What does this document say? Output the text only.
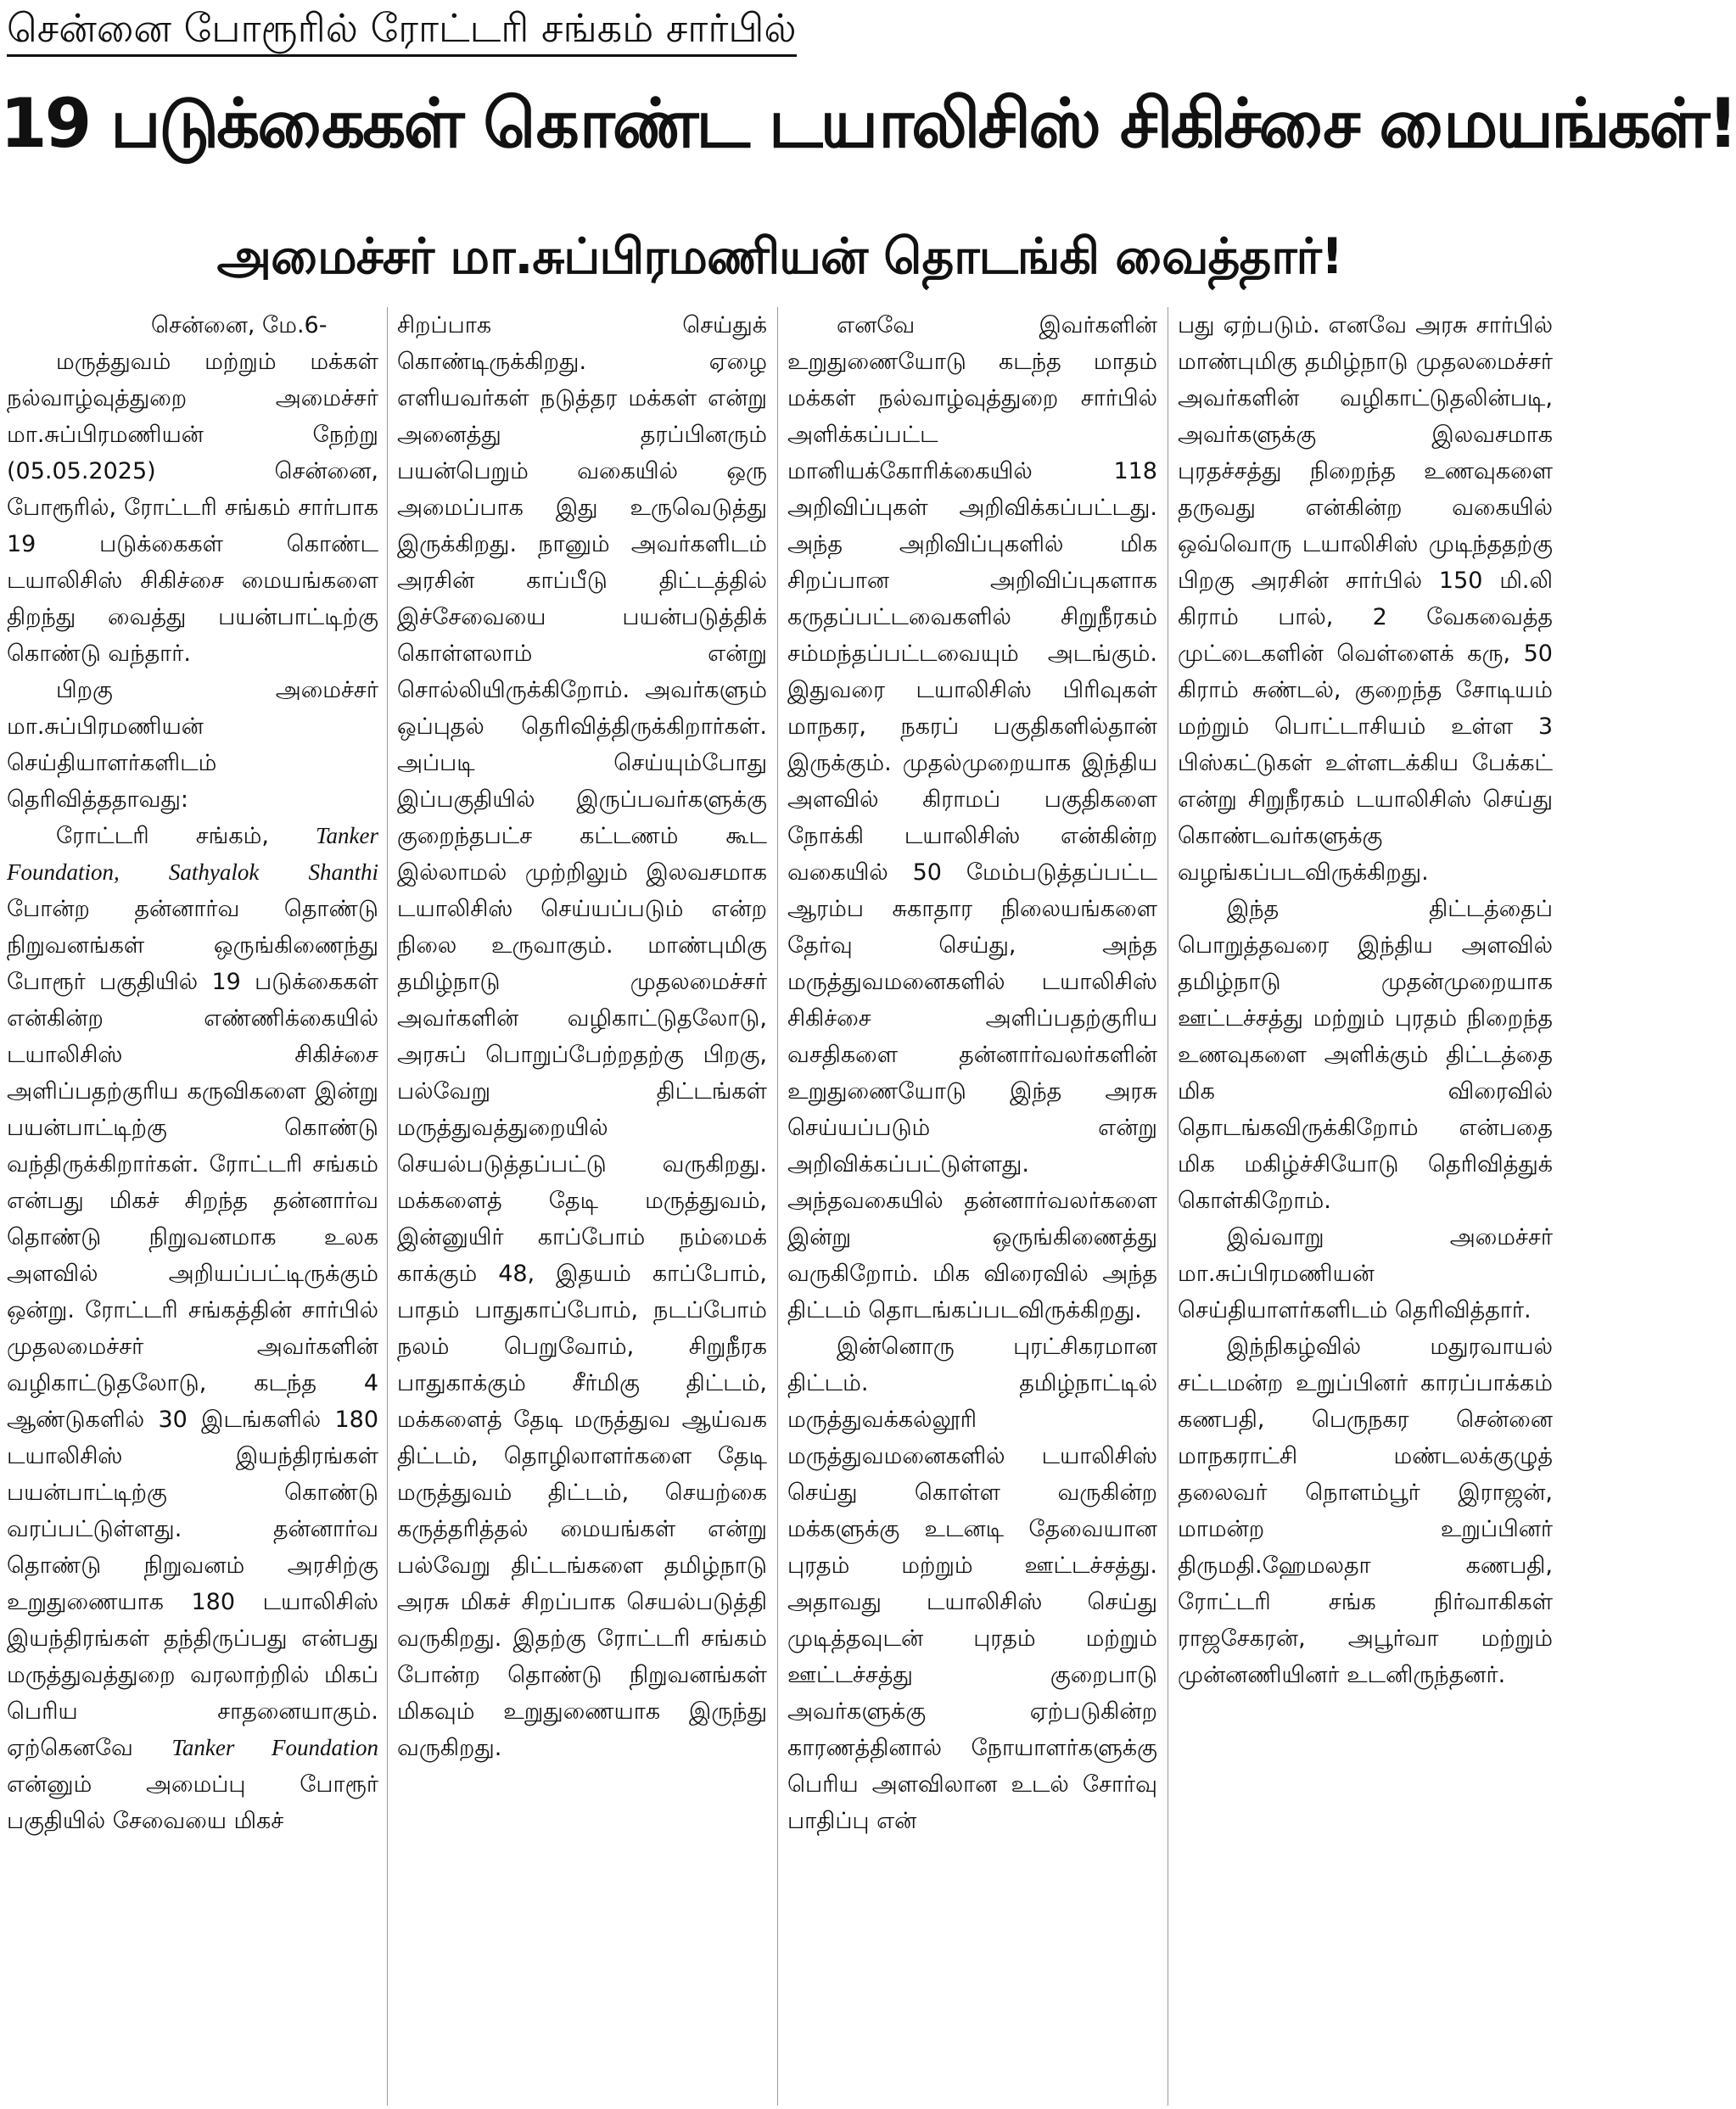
சென்னை போரூரில் ரோட்டரி சங்கம் சார்பில்
19 படுக்கைகள் கொண்ட டயாலிசிஸ் சிகிச்சை மையங்கள்!
அமைச்சர் மா.சுப்பிரமணியன் தொடங்கி வைத்தார்!

சென்னை, மே.6-

மருத்துவம் மற்றும் மக்கள் நல்வாழ்வுத்துறை அமைச்சர் மா.சுப்பிரமணியன் நேற்று (05.05.2025) சென்னை, போரூரில், ரோட்டரி சங்கம் சார்பாக 19 படுக்கைகள் கொண்ட டயாலிசிஸ் சிகிச்சை மையங்களை திறந்து வைத்து பயன்பாட்டிற்கு கொண்டு வந்தார்.

பிறகு அமைச்சர் மா.சுப்பிரமணியன் செய்தியாளர்களிடம் தெரிவித்ததாவது:

ரோட்டரி சங்கம், Tanker Foundation, Sathyalok Shanthi போன்ற தன்னார்வ தொண்டு நிறுவனங்கள் ஒருங்கிணைந்து போரூர் பகுதியில் 19 படுக்கைகள் என்கின்ற எண்ணிக்கையில் டயாலிசிஸ் சிகிச்சை அளிப்பதற்குரிய கருவிகளை இன்று பயன்பாட்டிற்கு கொண்டு வந்திருக்கிறார்கள். ரோட்டரி சங்கம் என்பது மிகச் சிறந்த தன்னார்வ தொண்டு நிறுவனமாக உலக அளவில் அறியப்பட்டிருக்கும் ஒன்று. ரோட்டரி சங்கத்தின் சார்பில் முதலமைச்சர் அவர்களின் வழிகாட்டுதலோடு, கடந்த 4 ஆண்டுகளில் 30 இடங்களில் 180 டயாலிசிஸ் இயந்திரங்கள் பயன்பாட்டிற்கு கொண்டு வரப்பட்டுள்ளது. தன்னார்வ தொண்டு நிறுவனம் அரசிற்கு உறுதுணையாக 180 டயாலிசிஸ் இயந்திரங்கள் தந்திருப்பது என்பது மருத்துவத்துறை வரலாற்றில் மிகப் பெரிய சாதனையாகும். ஏற்கெனவே Tanker Foundation என்னும் அமைப்பு போரூர் பகுதியில் சேவையை மிகச்

சிறப்பாக செய்துக் கொண்டிருக்கிறது. ஏழை எளியவர்கள் நடுத்தர மக்கள் என்று அனைத்து தரப்பினரும் பயன்பெறும் வகையில் ஒரு அமைப்பாக இது உருவெடுத்து இருக்கிறது. நானும் அவர்களிடம் அரசின் காப்பீடு திட்டத்தில் இச்சேவையை பயன்படுத்திக் கொள்ளலாம் என்று சொல்லியிருக்கிறோம். அவர்களும் ஒப்புதல் தெரிவித்திருக்கிறார்கள். அப்படி செய்யும்போது இப்பகுதியில் இருப்பவர்களுக்கு குறைந்தபட்ச கட்டணம் கூட இல்லாமல் முற்றிலும் இலவசமாக டயாலிசிஸ் செய்யப்படும் என்ற நிலை உருவாகும். மாண்புமிகு தமிழ்நாடு முதலமைச்சர் அவர்களின் வழிகாட்டுதலோடு, அரசுப் பொறுப்பேற்றதற்கு பிறகு, பல்வேறு திட்டங்கள் மருத்துவத்துறையில் செயல்படுத்தப்பட்டு வருகிறது. மக்களைத் தேடி மருத்துவம், இன்னுயிர் காப்போம் நம்மைக் காக்கும் 48, இதயம் காப்போம், பாதம் பாதுகாப்போம், நடப்போம் நலம் பெறுவோம், சிறுநீரக பாதுகாக்கும் சீர்மிகு திட்டம், மக்களைத் தேடி மருத்துவ ஆய்வக திட்டம், தொழிலாளர்களை தேடி மருத்துவம் திட்டம், செயற்கை கருத்தரித்தல் மையங்கள் என்று பல்வேறு திட்டங்களை தமிழ்நாடு அரசு மிகச் சிறப்பாக செயல்படுத்தி வருகிறது. இதற்கு ரோட்டரி சங்கம் போன்ற தொண்டு நிறுவனங்கள் மிகவும் உறுதுணையாக இருந்து வருகிறது.

எனவே இவர்களின் உறுதுணையோடு கடந்த மாதம் மக்கள் நல்வாழ்வுத்துறை சார்பில் அளிக்கப்பட்ட மானியக்கோரிக்கையில் 118 அறிவிப்புகள் அறிவிக்கப்பட்டது. அந்த அறிவிப்புகளில் மிக சிறப்பான அறிவிப்புகளாக கருதப்பட்டவைகளில் சிறுநீரகம் சம்மந்தப்பட்டவையும் அடங்கும். இதுவரை டயாலிசிஸ் பிரிவுகள் மாநகர, நகரப் பகுதிகளில்தான் இருக்கும். முதல்முறையாக இந்திய அளவில் கிராமப் பகுதிகளை நோக்கி டயாலிசிஸ் என்கின்ற வகையில் 50 மேம்படுத்தப்பட்ட ஆரம்ப சுகாதார நிலையங்களை தேர்வு செய்து, அந்த மருத்துவமனைகளில் டயாலிசிஸ் சிகிச்சை அளிப்பதற்குரிய வசதிகளை தன்னார்வலர்களின் உறுதுணையோடு இந்த அரசு செய்யப்படும் என்று அறிவிக்கப்பட்டுள்ளது. அந்தவகையில் தன்னார்வலர்களை இன்று ஒருங்கிணைத்து வருகிறோம். மிக விரைவில் அந்த திட்டம் தொடங்கப்படவிருக்கிறது.

இன்னொரு புரட்சிகரமான திட்டம். தமிழ்நாட்டில் மருத்துவக்கல்லூரி மருத்துவமனைகளில் டயாலிசிஸ் செய்து கொள்ள வருகின்ற மக்களுக்கு உடனடி தேவையான புரதம் மற்றும் ஊட்டச்சத்து. அதாவது டயாலிசிஸ் செய்து முடித்தவுடன் புரதம் மற்றும் ஊட்டச்சத்து குறைபாடு அவர்களுக்கு ஏற்படுகின்ற காரணத்தினால் நோயாளர்களுக்கு பெரிய அளவிலான உடல் சோர்வு பாதிப்பு என்

பது ஏற்படும். எனவே அரசு சார்பில் மாண்புமிகு தமிழ்நாடு முதலமைச்சர் அவர்களின் வழிகாட்டுதலின்படி, அவர்களுக்கு இலவசமாக புரதச்சத்து நிறைந்த உணவுகளை தருவது என்கின்ற வகையில் ஒவ்வொரு டயாலிசிஸ் முடிந்ததற்கு பிறகு அரசின் சார்பில் 150 மி.லி கிராம் பால், 2 வேகவைத்த முட்டைகளின் வெள்ளைக் கரு, 50 கிராம் சுண்டல், குறைந்த சோடியம் மற்றும் பொட்டாசியம் உள்ள 3 பிஸ்கட்டுகள் உள்ளடக்கிய பேக்கட் என்று சிறுநீரகம் டயாலிசிஸ் செய்து கொண்டவர்களுக்கு வழங்கப்படவிருக்கிறது.

இந்த திட்டத்தைப் பொறுத்தவரை இந்திய அளவில் தமிழ்நாடு முதன்முறையாக ஊட்டச்சத்து மற்றும் புரதம் நிறைந்த உணவுகளை அளிக்கும் திட்டத்தை மிக விரைவில் தொடங்கவிருக்கிறோம் என்பதை மிக மகிழ்ச்சியோடு தெரிவித்துக் கொள்கிறோம்.

இவ்வாறு அமைச்சர் மா.சுப்பிரமணியன் செய்தியாளர்களிடம் தெரிவித்தார்.

இந்நிகழ்வில் மதுரவாயல் சட்டமன்ற உறுப்பினர் காரப்பாக்கம் கணபதி, பெருநகர சென்னை மாநகராட்சி மண்டலக்குழுத் தலைவர் நொளம்பூர் இராஜன், மாமன்ற உறுப்பினர் திருமதி.ஹேமலதா கணபதி, ரோட்டரி சங்க நிர்வாகிகள் ராஜசேகரன், அபூர்வா மற்றும் முன்னணியினர் உடனிருந்தனர்.
